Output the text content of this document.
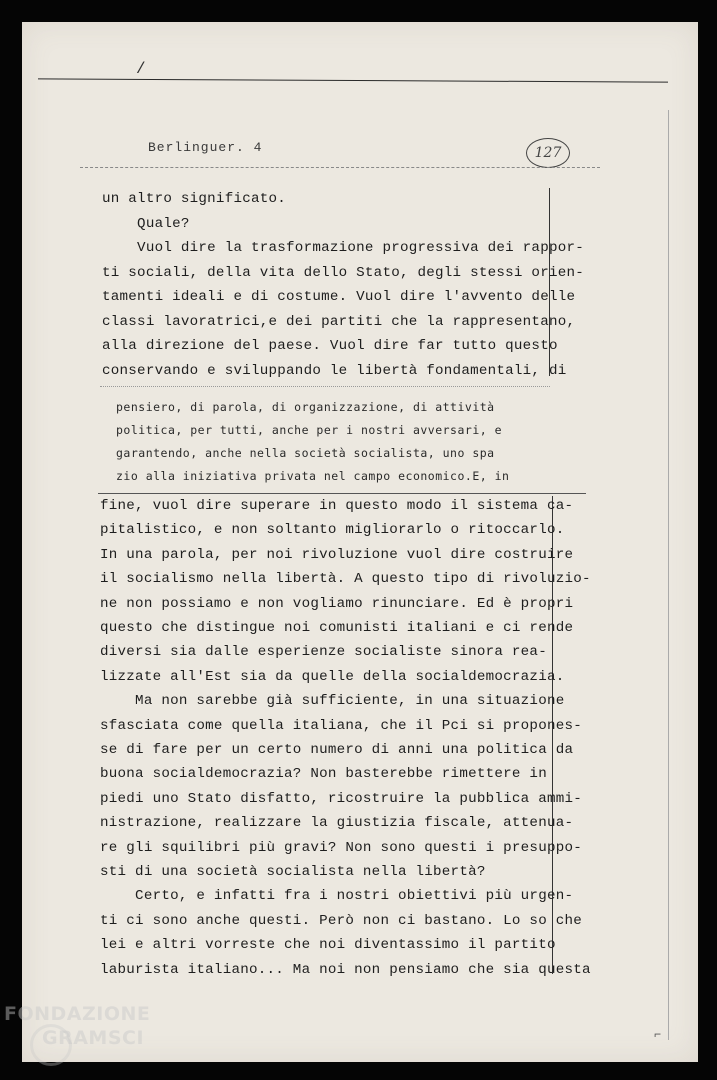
/
Berlinguer. 4	127
un altro significato.
Quale?
Vuol dire la trasformazione progressiva dei rappor-
ti sociali, della vita dello Stato, degli stessi orien-
tamenti ideali e di costume. Vuol dire l'avvento delle
classi lavoratrici,e dei partiti che la rappresentano,
alla direzione del paese. Vuol dire far tutto questo
conservando e sviluppando le libertà fondamentali, di
pensiero, di parola, di organizzazione, di attività
politica, per tutti, anche per i nostri avversari, e
garantendo, anche nella società socialista, uno spa
zio alla iniziativa privata nel campo economico.E, in
fine, vuol dire superare in questo modo il sistema ca-
pitalistico, e non soltanto migliorarlo o ritoccarlo.
In una parola, per noi rivoluzione vuol dire costruire
il socialismo nella libertà. A questo tipo di rivoluzio-
ne non possiamo e non vogliamo rinunciare. Ed è propri
questo che distingue noi comunisti italiani e ci rende
diversi sia dalle esperienze socialiste sinora rea-
lizzate all'Est sia da quelle della socialdemocrazia.
Ma non sarebbe già sufficiente, in una situazione
sfasciata come quella italiana, che il Pci si propones-
se di fare per un certo numero di anni una politica da
buona socialdemocrazia? Non basterebbe rimettere in
piedi uno Stato disfatto, ricostruire la pubblica ammi-
nistrazione, realizzare la giustizia fiscale, attenua-
re gli squilibri più gravi? Non sono questi i presuppo-
sti di una società socialista nella libertà?
Certo, e infatti fra i nostri obiettivi più urgen-
ti ci sono anche questi. Però non ci bastano. Lo so che
lei e altri vorreste che noi diventassimo il partito
laburista italiano... Ma noi non pensiamo che sia questa
FONDAZIONE
GRAMSCI	⌐
